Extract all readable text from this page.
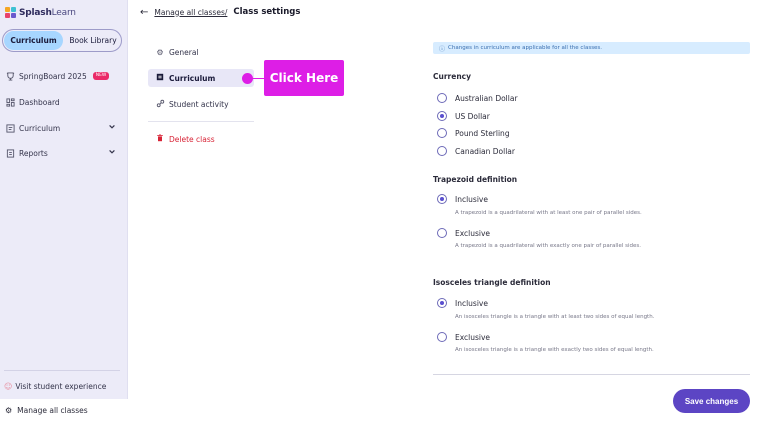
SplashLearn
Curriculum	Book Library
SpringBoard 2025	NEW
Dashboard
Curriculum
Reports
☺ Visit student experience
⚙ Manage all classes
← Manage all classes/ Class settings
⚙ General
Curriculum
Student activity
Delete class
Click Here
ⓘ Changes in curriculum are applicable for all the classes.
Currency
Australian Dollar
US Dollar
Pound Sterling
Canadian Dollar
Trapezoid definition
Inclusive
A trapezoid is a quadrilateral with at least one pair of parallel sides.
Exclusive
A trapezoid is a quadrilateral with exactly one pair of parallel sides.
Isosceles triangle definition
Inclusive
An isosceles triangle is a triangle with at least two sides of equal length.
Exclusive
An isosceles triangle is a triangle with exactly two sides of equal length.
Save changes
